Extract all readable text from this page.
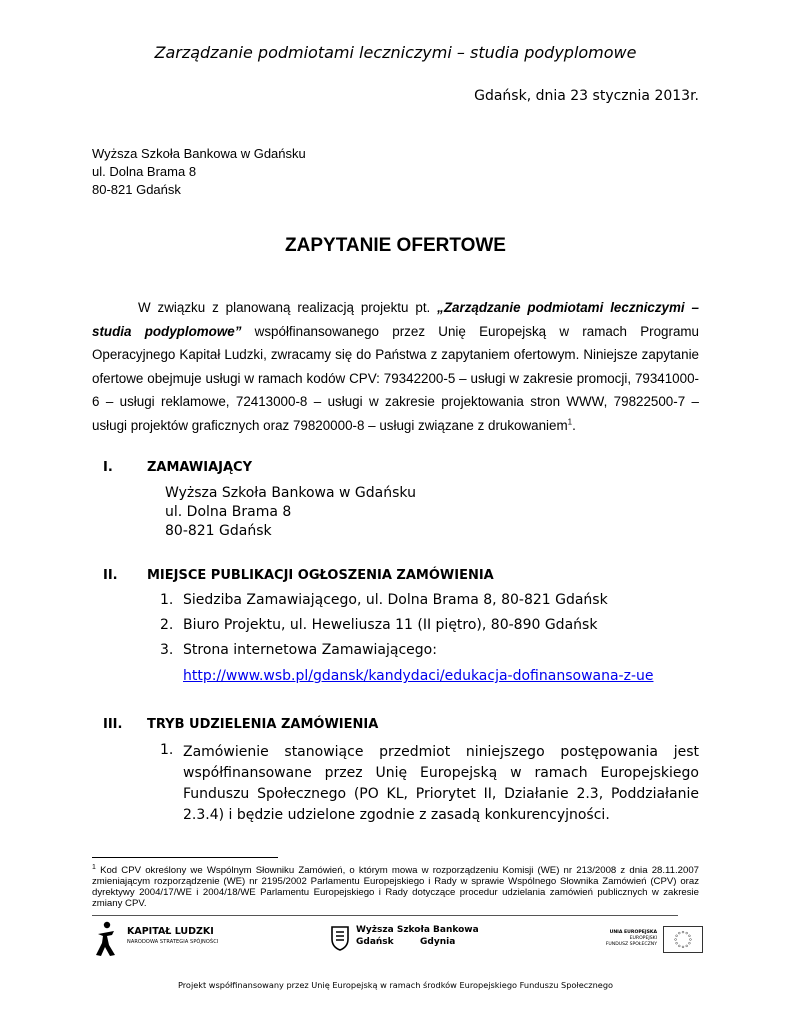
Zarządzanie podmiotami leczniczymi – studia podyplomowe
Gdańsk, dnia 23 stycznia 2013r.
Wyższa Szkoła Bankowa w Gdańsku
ul. Dolna Brama 8
80-821 Gdańsk
ZAPYTANIE OFERTOWE

W związku z planowaną realizacją projektu pt. „Zarządzanie podmiotami leczniczymi – studia podyplomowe” współfinansowanego przez Unię Europejską w ramach Programu Operacyjnego Kapitał Ludzki, zwracamy się do Państwa z zapytaniem ofertowym. Niniejsze zapytanie ofertowe obejmuje usługi w ramach kodów CPV: 79342200-5 – usługi w zakresie promocji, 79341000-6 – usługi reklamowe, 72413000-8 – usługi w zakresie projektowania stron WWW, 79822500-7 – usługi projektów graficznych oraz 79820000-8 – usługi związane z drukowaniem$^1$.

I.	ZAMAWIAJĄCY
Wyższa Szkoła Bankowa w Gdańsku
ul. Dolna Brama 8
80-821 Gdańsk
II. MIEJSCE PUBLIKACJI OGŁOSZENIA ZAMÓWIENIA
1. Siedziba Zamawiającego, ul. Dolna Brama 8, 80-821 Gdańsk
2. Biuro Projektu, ul. Heweliusza 11 (II piętro), 80-890 Gdańsk
3. Strona internetowa Zamawiającego:
http://www.wsb.pl/gdansk/kandydaci/edukacja-dofinansowana-z-ue
III. TRYB UDZIELENIA ZAMÓWIENIA
1. Zamówienie stanowiące przedmiot niniejszego postępowania jest
współfinansowane przez Unię Europejską w ramach Europejskiego Funduszu Społecznego (PO KL, Priorytet II, Działanie 2.3, Poddziałanie 2.3.4) i będzie udzielone zgodnie z zasadą konkurencyjności.
$^1$ Kod CPV określony we Wspólnym Słowniku Zamówień, o którym mowa w rozporządzeniu Komisji (WE) nr 213/2008 z dnia 28.11.2007 zmieniającym rozporządzenie (WE) nr 2195/2002 Parlamentu Europejskiego i Rady w sprawie Wspólnego Słownika Zamówień (CPV) oraz dyrektywy 2004/17/WE i 2004/18/WE Parlamentu Europejskiego i Rady dotyczące procedur udzielania zamówień publicznych w zakresie zmiany CPV.
KAPITAŁ LUDZKI
NARODOWA STRATEGIA SPÓJNOŚCI
Wyższa Szkoła Bankowa
Gdańsk	Gdynia
UNIA EUROPEJSKA
EUROPEJSKI
FUNDUSZ SPOŁECZNY
Projekt współfinansowany przez Unię Europejską w ramach środków Europejskiego Funduszu Społecznego
